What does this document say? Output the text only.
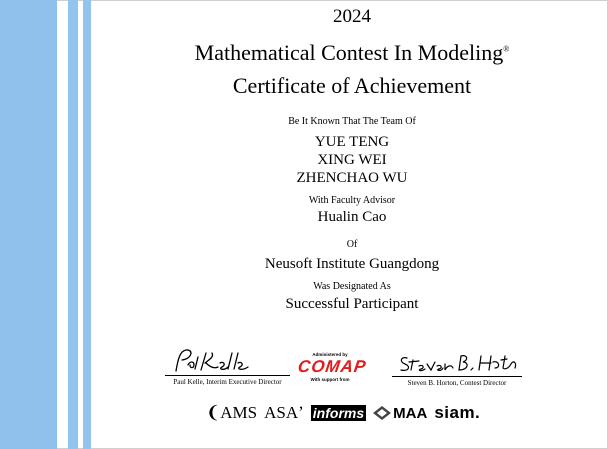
2024
Mathematical Contest In Modeling®
Certificate of Achievement
Be It Known That The Team Of
YUE TENG
XING WEI
ZHENCHAO WU
With Faculty Advisor
Hualin Cao
Of
Neusoft Institute Guangdong
Was Designated As
Successful Participant
Paul Kelle, Interim Executive Director
Administered by
COMAP
With support from	Steven B. Horton, Contest Director
❨AMS ASAʼ informs MAA siam.
